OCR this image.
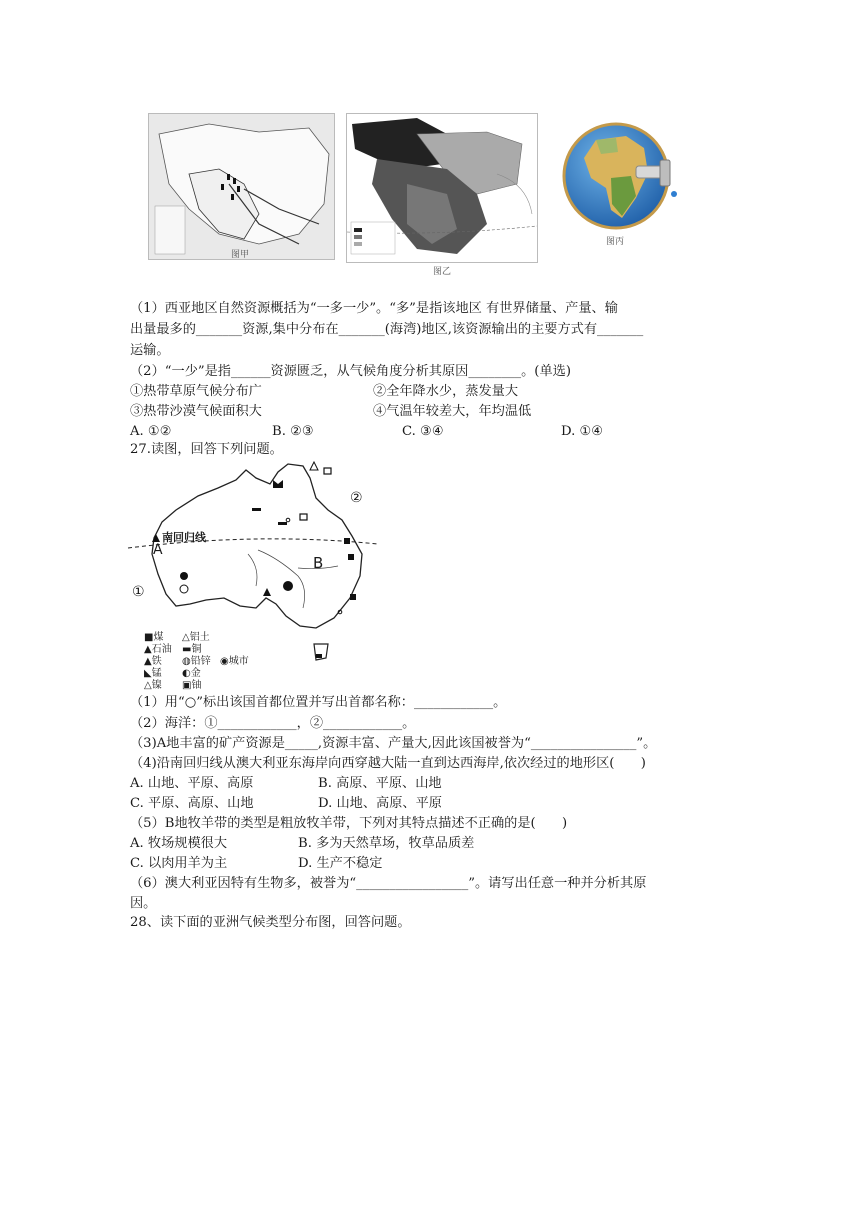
图甲
图乙
图丙
（1）西亚地区自然资源概括为“一多一少”。“多”是指该地区 有世界储量、产量、输
出量最多的_______资源,集中分布在_______(海湾)地区,该资源输出的主要方式有_______
运输。
（2）“一少”是指______资源匮乏，从气候角度分析其原因________。(单选)
①热带草原气候分布广	②全年降水少，蒸发量大
③热带沙漠气候面积大	④气温年较差大，年均温低
A. ①②	B. ②③	C. ③④	D. ①④
27.读图，回答下列问题。
南回归线
A
B
①
②
■煤
▲石油
▲铁
◣锰
△镍
△铝土
▬铜
◍铅锌
◐金
▣铀
◉城市
（1）用“○”标出该国首都位置并写出首都名称：____________。
（2）海洋：①____________，②____________。
（3)A地丰富的矿产资源是_____,资源丰富、产量大,因此该国被誉为“________________”。
（4)沿南回归线从澳大利亚东海岸向西穿越大陆一直到达西海岸,依次经过的地形区(　　)
A. 山地、平原、高原	B. 高原、平原、山地
C. 平原、高原、山地	D. 山地、高原、平原
（5）B地牧羊带的类型是粗放牧羊带，下列对其特点描述不正确的是(　　)
A. 牧场规模很大	B. 多为天然草场，牧草品质差
C. 以肉用羊为主	D. 生产不稳定
（6）澳大利亚因特有生物多，被誉为“_________________”。请写出任意一种并分析其原
因。
28、读下面的亚洲气候类型分布图，回答问题。
